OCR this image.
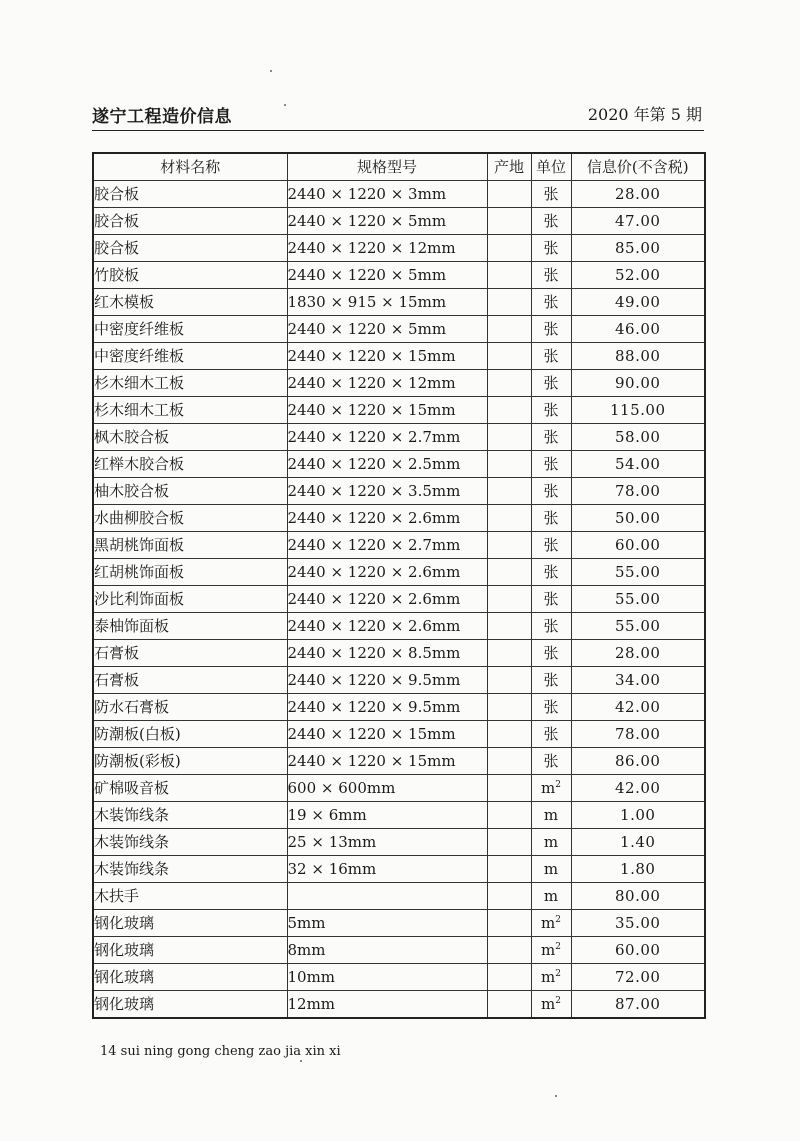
遂宁工程造价信息	2020 年第 5 期
材料名称	规格型号	产地	单位	信息价(不含税)
胶合板	2440 × 1220 × 3mm		张	28.00
胶合板	2440 × 1220 × 5mm		张	47.00
胶合板	2440 × 1220 × 12mm		张	85.00
竹胶板	2440 × 1220 × 5mm		张	52.00
红木模板	1830 × 915 × 15mm		张	49.00
中密度纤维板	2440 × 1220 × 5mm		张	46.00
中密度纤维板	2440 × 1220 × 15mm		张	88.00
杉木细木工板	2440 × 1220 × 12mm		张	90.00
杉木细木工板	2440 × 1220 × 15mm		张	115.00
枫木胶合板	2440 × 1220 × 2.7mm		张	58.00
红榉木胶合板	2440 × 1220 × 2.5mm		张	54.00
柚木胶合板	2440 × 1220 × 3.5mm		张	78.00
水曲柳胶合板	2440 × 1220 × 2.6mm		张	50.00
黑胡桃饰面板	2440 × 1220 × 2.7mm		张	60.00
红胡桃饰面板	2440 × 1220 × 2.6mm		张	55.00
沙比利饰面板	2440 × 1220 × 2.6mm		张	55.00
泰柚饰面板	2440 × 1220 × 2.6mm		张	55.00
石膏板	2440 × 1220 × 8.5mm		张	28.00
石膏板	2440 × 1220 × 9.5mm		张	34.00
防水石膏板	2440 × 1220 × 9.5mm		张	42.00
防潮板(白板)	2440 × 1220 × 15mm		张	78.00
防潮板(彩板)	2440 × 1220 × 15mm		张	86.00
矿棉吸音板	600 × 600mm		$m^2$	42.00
木装饰线条	19 × 6mm		m	1.00
木装饰线条	25 × 13mm		m	1.40
木装饰线条	32 × 16mm		m	1.80
木扶手			m	80.00
钢化玻璃	5mm		$m^2$	35.00
钢化玻璃	8mm		$m^2$	60.00
钢化玻璃	10mm		$m^2$	72.00
钢化玻璃	12mm		$m^2$	87.00
14 sui ning gong cheng zao jia xin xi
